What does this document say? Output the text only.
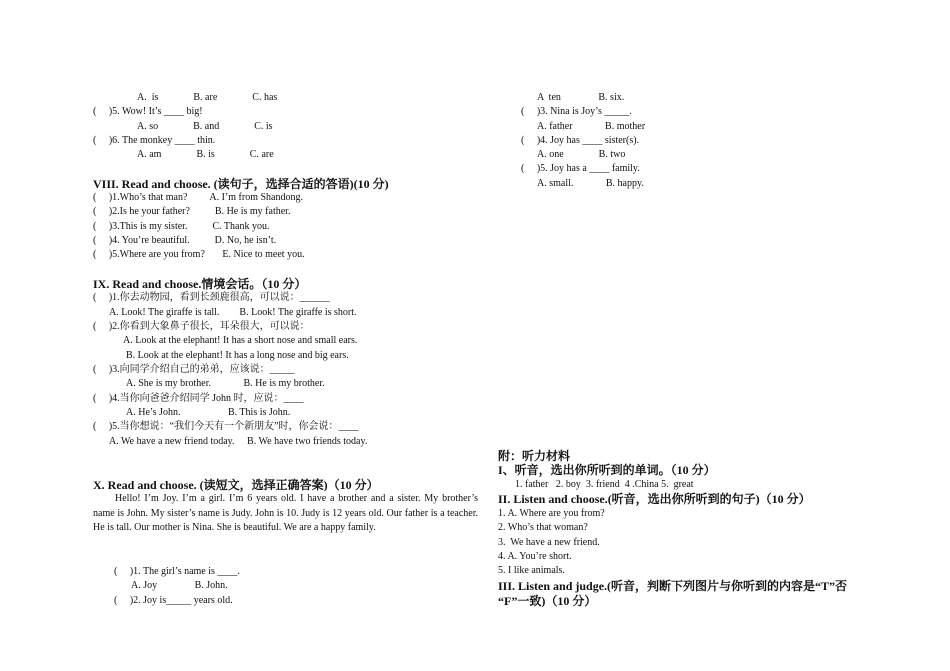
A.  is              B. are              C. has
(     )5. Wow! It’s ____ big!
A. so              B. and              C. is
(     )6. The monkey ____ thin.
A. am              B. is              C. are
VIII. Read and choose. (读句子，选择合适的答语)(10 分)
(     )1.Who’s that man?         A. I’m from Shandong.
(     )2.Is he your father?          B. He is my father.
(     )3.This is my sister.          C. Thank you.
(     )4. You’re beautiful.          D. No, he isn’t.
(     )5.Where are you from?       E. Nice to meet you.
IX. Read and choose.情境会话。（10 分）
(     )1.你去动物园，看到长颈鹿很高，可以说：______
A. Look! The giraffe is tall.        B. Look! The giraffe is short.
(     )2.你看到大象鼻子很长，耳朵很大，可以说：
A. Look at the elephant! It has a short nose and small ears.
B. Look at the elephant! It has a long nose and big ears.
(     )3.向同学介绍自己的弟弟，应该说：_____
A. She is my brother.             B. He is my brother.
(     )4.当你向爸爸介绍同学 John 时，应说：____
A. He’s John.                   B. This is John.
(     )5.当你想说：“我们今天有一个新朋友”时，你会说：____
A. We have a new friend today.     B. We have two friends today.
X. Read and choose. (读短文，选择正确答案)（10 分）
Hello! I’m Joy. I’m a girl. I’m 6 years old. I have a brother and a sister. My brother’s name is John. My sister’s name is Judy. John is 10. Judy is 12 years old. Our father is a teacher. He is tall. Our mother is Nina. She is beautiful. We are a happy family.
(     )1. The girl’s name is ____.
A. Joy               B. John.
(     )2. Joy is_____ years old.
A  ten               B. six.
(     )3. Nina is Joy’s _____.
A. father             B. mother
(     )4. Joy has ____ sister(s).
A. one              B. two
(     )5. Joy has a ____ family.
A. small.             B. happy.
附：听力材料
I、听音，选出你所听到的单词。（10 分）
1. father   2. boy  3. friend  4 .China 5.  great
II. Listen and choose.(听音，选出你所听到的句子)（10 分）
1. A. Where are you from?
2. Who’s that woman?
3.  We have a new friend.
4. A. You’re short.
5. I like animals.
III. Listen and judge.(听音，判断下列图片与你听到的内容是“T”否
“F”一致)（10 分）
